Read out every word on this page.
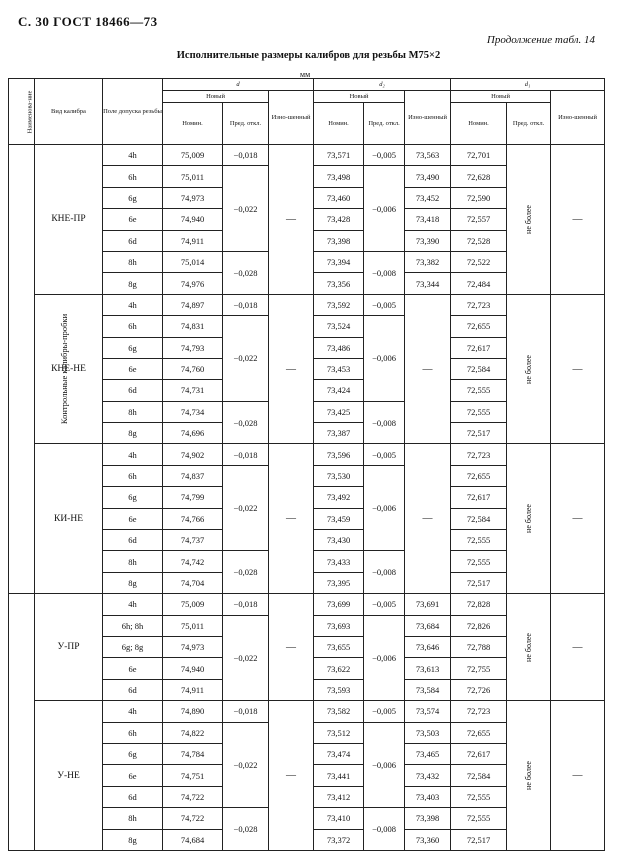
С. 30 ГОСТ 18466—73
Продолжение табл. 14
Исполнительные размеры калибров для резьбы М75×2
мм
Наименова-ние	Вид калибра	Поле допуска резьбы	d			d₂			d₁		
			Новый		Изно-шенный	Новый		Изно-шенный	Новый		Изно-шенный
			Номин.	Пред. откл.		Номин.	Пред. откл.		Номин.	Пред. откл.	
Контрольные калибры-пробки	КНЕ-ПР	4h	75,009	−0,018	—	73,571	−0,005	73,563	72,701	не более	—
		6h	75,011	−0,022		73,498	−0,006	73,490	72,628		
		6g	74,973			73,460		73,452	72,590		
		6e	74,940			73,428		73,418	72,557		
		6d	74,911			73,398		73,390	72,528		
		8h	75,014	−0,028		73,394	−0,008	73,382	72,522		
		8g	74,976			73,356		73,344	72,484		
	КНЕ-НЕ	4h	74,897	−0,018	—	73,592	−0,005	—	72,723	не более	—
		6h	74,831	−0,022		73,524	−0,006		72,655		
		6g	74,793			73,486			72,617		
		6e	74,760			73,453			72,584		
		6d	74,731			73,424			72,555		
		8h	74,734	−0,028		73,425	−0,008		72,555		
		8g	74,696			73,387			72,517		
	КИ-НЕ	4h	74,902	−0,018	—	73,596	−0,005	—	72,723	не более	—
		6h	74,837	−0,022		73,530	−0,006		72,655		
		6g	74,799			73,492			72,617		
		6e	74,766			73,459			72,584		
		6d	74,737			73,430			72,555		
		8h	74,742	−0,028		73,433	−0,008		72,555		
		8g	74,704			73,395			72,517		
	У-ПР	4h	75,009	−0,018	—	73,699	−0,005	73,691	72,828	не более	—
		6h; 8h	75,011	−0,022		73,693	−0,006	73,684	72,826		
		6g; 8g	74,973			73,655		73,646	72,788		
		6e	74,940			73,622		73,613	72,755		
		6d	74,911			73,593		73,584	72,726		
	У-НЕ	4h	74,890	−0,018	—	73,582	−0,005	73,574	72,723	не более	—
		6h	74,822	−0,022		73,512	−0,006	73,503	72,655		
		6g	74,784			73,474		73,465	72,617		
		6e	74,751			73,441		73,432	72,584		
		6d	74,722			73,412		73,403	72,555		
		8h	74,722	−0,028		73,410	−0,008	73,398	72,555		
		8g	74,684			73,372		73,360	72,517		
